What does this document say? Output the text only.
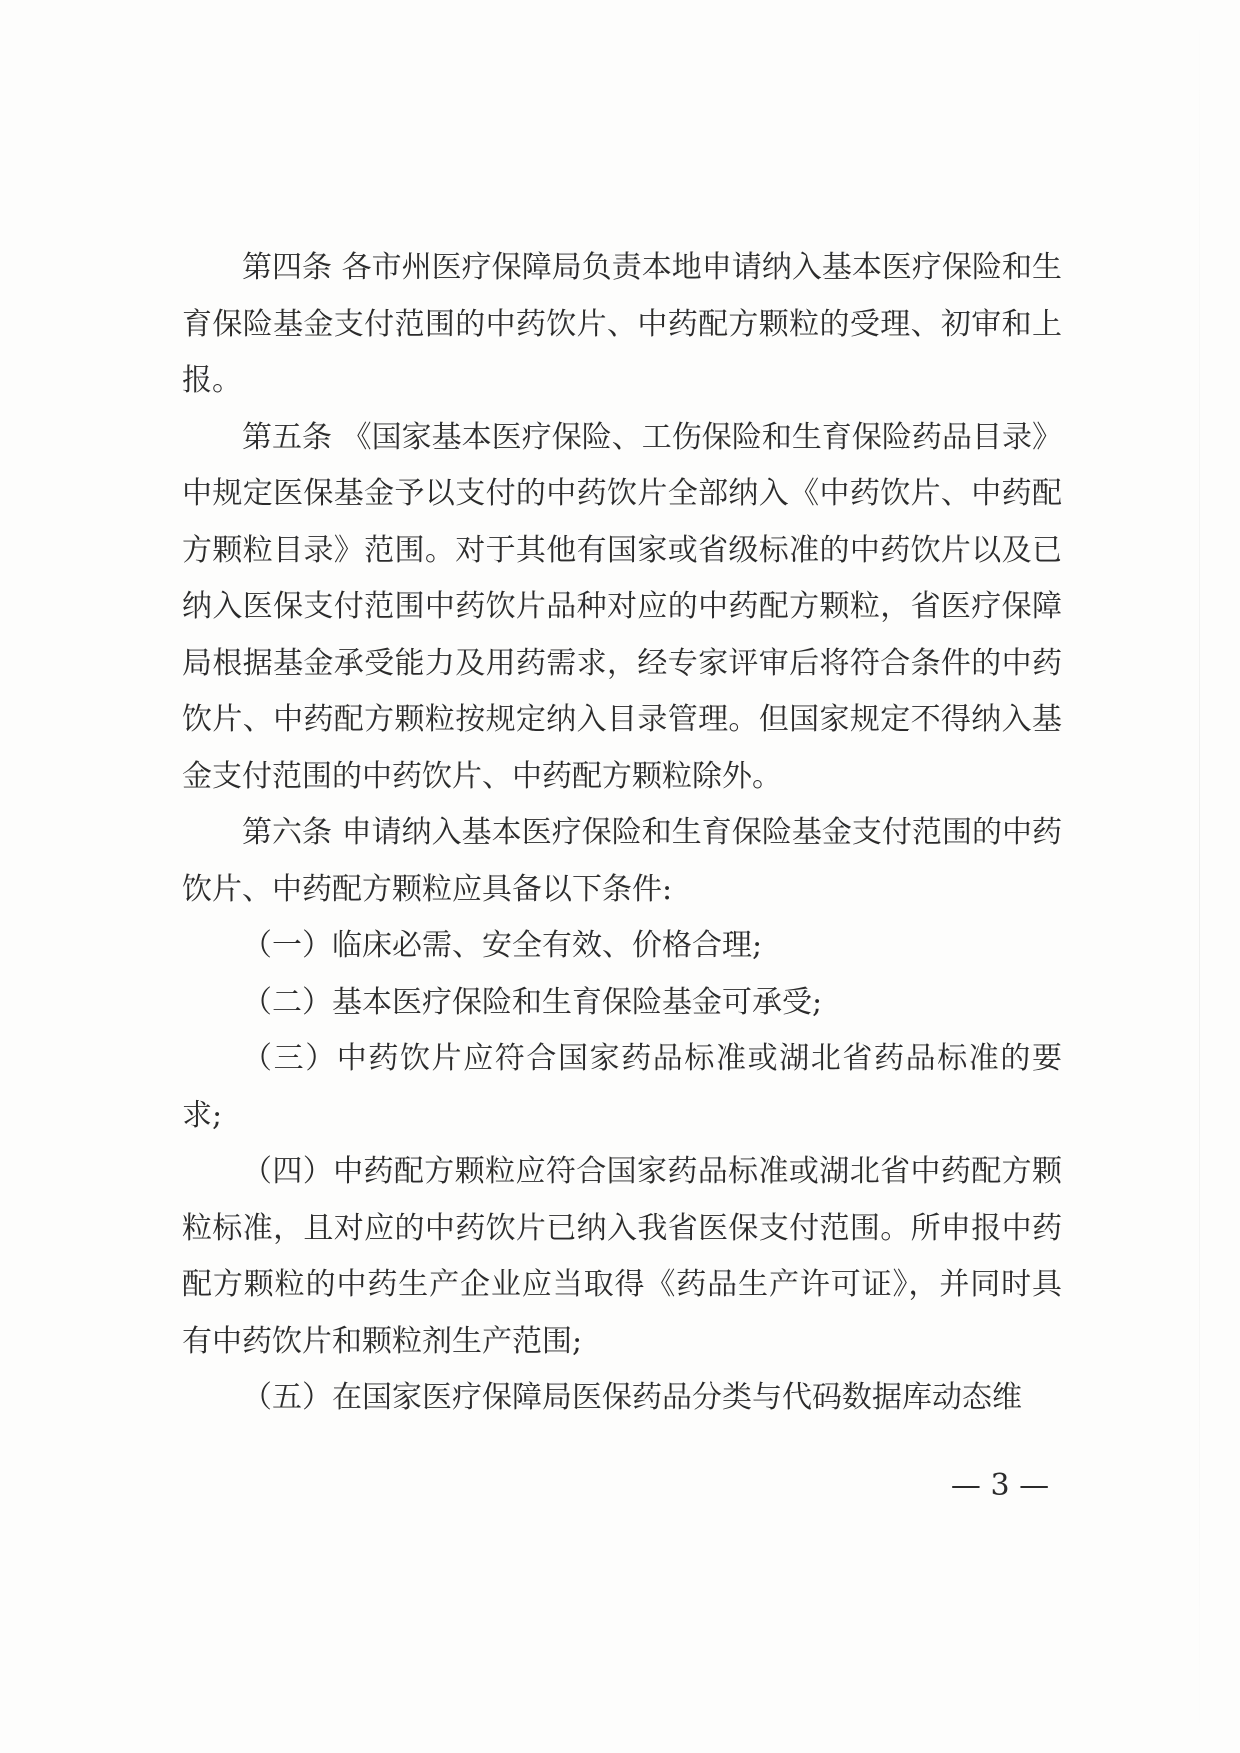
第四条 各市州医疗保障局负责本地申请纳入基本医疗保险和生育保险基金支付范围的中药饮片、中药配方颗粒的受理、初审和上报。

第五条 《国家基本医疗保险、工伤保险和生育保险药品目录》中规定医保基金予以支付的中药饮片全部纳入《中药饮片、中药配方颗粒目录》范围。对于其他有国家或省级标准的中药饮片以及已纳入医保支付范围中药饮片品种对应的中药配方颗粒，省医疗保障局根据基金承受能力及用药需求，经专家评审后将符合条件的中药饮片、中药配方颗粒按规定纳入目录管理。但国家规定不得纳入基金支付范围的中药饮片、中药配方颗粒除外。

第六条 申请纳入基本医疗保险和生育保险基金支付范围的中药饮片、中药配方颗粒应具备以下条件:

（一）临床必需、安全有效、价格合理;

（二）基本医疗保险和生育保险基金可承受;

（三）中药饮片应符合国家药品标准或湖北省药品标准的要求;

（四）中药配方颗粒应符合国家药品标准或湖北省中药配方颗粒标准，且对应的中药饮片已纳入我省医保支付范围。所申报中药配方颗粒的中药生产企业应当取得《药品生产许可证》，并同时具有中药饮片和颗粒剂生产范围;

（五）在国家医疗保障局医保药品分类与代码数据库动态维

— 3 —
